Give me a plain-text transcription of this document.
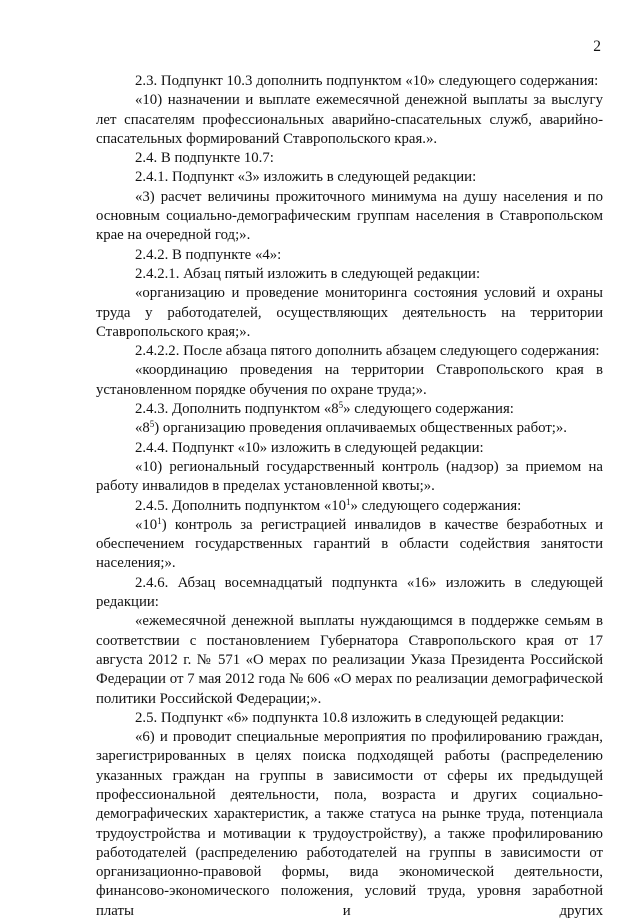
2

2.3. Подпункт 10.3 дополнить подпунктом «10» следующего содержания:

«10) назначении и выплате ежемесячной денежной выплаты за выслугу лет спасателям профессиональных аварийно-спасательных служб, аварийно-спасательных формирований Ставропольского края.».

2.4. В подпункте 10.7:

2.4.1. Подпункт «3» изложить в следующей редакции:

«3) расчет величины прожиточного минимума на душу населения и по основным социально-демографическим группам населения в Ставропольском крае на очередной год;».

2.4.2. В подпункте «4»:

2.4.2.1. Абзац пятый изложить в следующей редакции:

«организацию и проведение мониторинга состояния условий и охраны труда у работодателей, осуществляющих деятельность на территории Ставропольского края;».

2.4.2.2. После абзаца пятого дополнить абзацем следующего содержания:

«координацию проведения на территории Ставропольского края в установленном порядке обучения по охране труда;».

2.4.3. Дополнить подпунктом «$8^5$» следующего содержания:

«$8^5$) организацию проведения оплачиваемых общественных работ;».

2.4.4. Подпункт «10» изложить в следующей редакции:

«10) региональный государственный контроль (надзор) за приемом на работу инвалидов в пределах установленной квоты;».

2.4.5. Дополнить подпунктом «$10^1$» следующего содержания:

«$10^1$) контроль за регистрацией инвалидов в качестве безработных и обеспечением государственных гарантий в области содействия занятости населения;».

2.4.6. Абзац восемнадцатый подпункта «16» изложить в следующей редакции:

«ежемесячной денежной выплаты нуждающимся в поддержке семьям в соответствии с постановлением Губернатора Ставропольского края от 17 августа 2012 г. № 571 «О мерах по реализации Указа Президента Российской Федерации от 7 мая 2012 года № 606 «О мерах по реализации демографической политики Российской Федерации;».

2.5. Подпункт «6» подпункта 10.8 изложить в следующей редакции:

«6) и проводит специальные мероприятия по профилированию граждан, зарегистрированных в целях поиска подходящей работы (распределению указанных граждан на группы в зависимости от сферы их предыдущей профессиональной деятельности, пола, возраста и других социально-демографических характеристик, а также статуса на рынке труда, потенциала трудоустройства и мотивации к трудоустройству), а также профилированию работодателей (распределению работодателей на группы в зависимости от организационно-правовой формы, вида экономической деятельности, финансово-экономического положения, условий труда, уровня заработной платы и других
